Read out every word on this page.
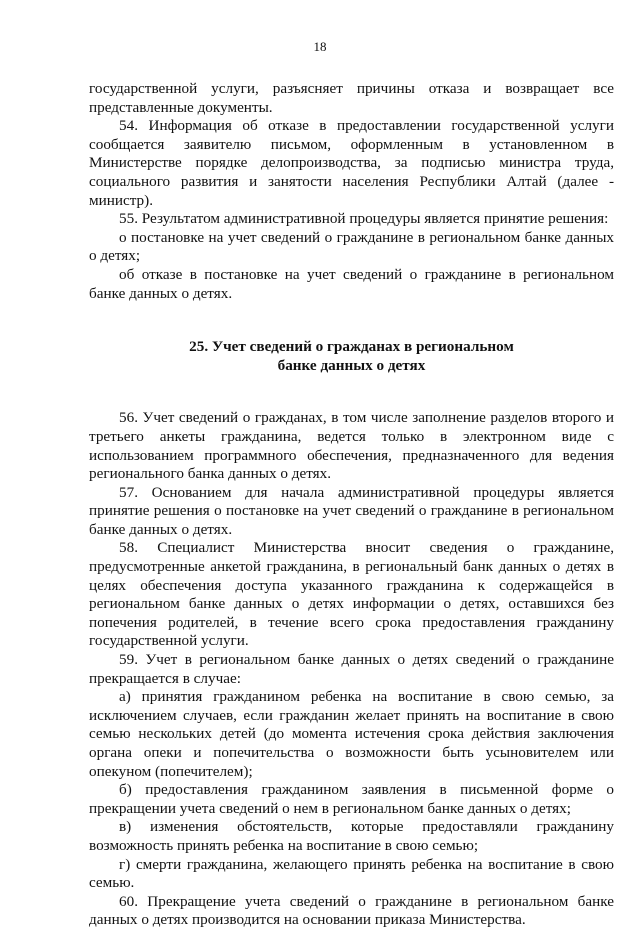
18

государственной услуги, разъясняет причины отказа и возвращает все представленные документы.

54. Информация об отказе в предоставлении государственной услуги сообщается заявителю письмом, оформленным в установленном в Министерстве порядке делопроизводства, за подписью министра труда, социального развития и занятости населения Республики Алтай (далее - министр).

55. Результатом административной процедуры является принятие решения:

о постановке на учет сведений о гражданине в региональном банке данных о детях;

об отказе в постановке на учет сведений о гражданине в региональном банке данных о детях.

25. Учет сведений о гражданах в региональном
банке данных о детях

56. Учет сведений о гражданах, в том числе заполнение разделов второго и третьего анкеты гражданина, ведется только в электронном виде с использованием программного обеспечения, предназначенного для ведения регионального банка данных о детях.

57. Основанием для начала административной процедуры является принятие решения о постановке на учет сведений о гражданине в региональном банке данных о детях.

58. Специалист Министерства вносит сведения о гражданине, предусмотренные анкетой гражданина, в региональный банк данных о детях в целях обеспечения доступа указанного гражданина к содержащейся в региональном банке данных о детях информации о детях, оставшихся без попечения родителей, в течение всего срока предоставления гражданину государственной услуги.

59. Учет в региональном банке данных о детях сведений о гражданине прекращается в случае:

а) принятия гражданином ребенка на воспитание в свою семью, за исключением случаев, если гражданин желает принять на воспитание в свою семью нескольких детей (до момента истечения срока действия заключения органа опеки и попечительства о возможности быть усыновителем или опекуном (попечителем);

б) предоставления гражданином заявления в письменной форме о прекращении учета сведений о нем в региональном банке данных о детях;

в) изменения обстоятельств, которые предоставляли гражданину возможность принять ребенка на воспитание в свою семью;

г) смерти гражданина, желающего принять ребенка на воспитание в свою семью.

60. Прекращение учета сведений о гражданине в региональном банке данных о детях производится на основании приказа Министерства.
